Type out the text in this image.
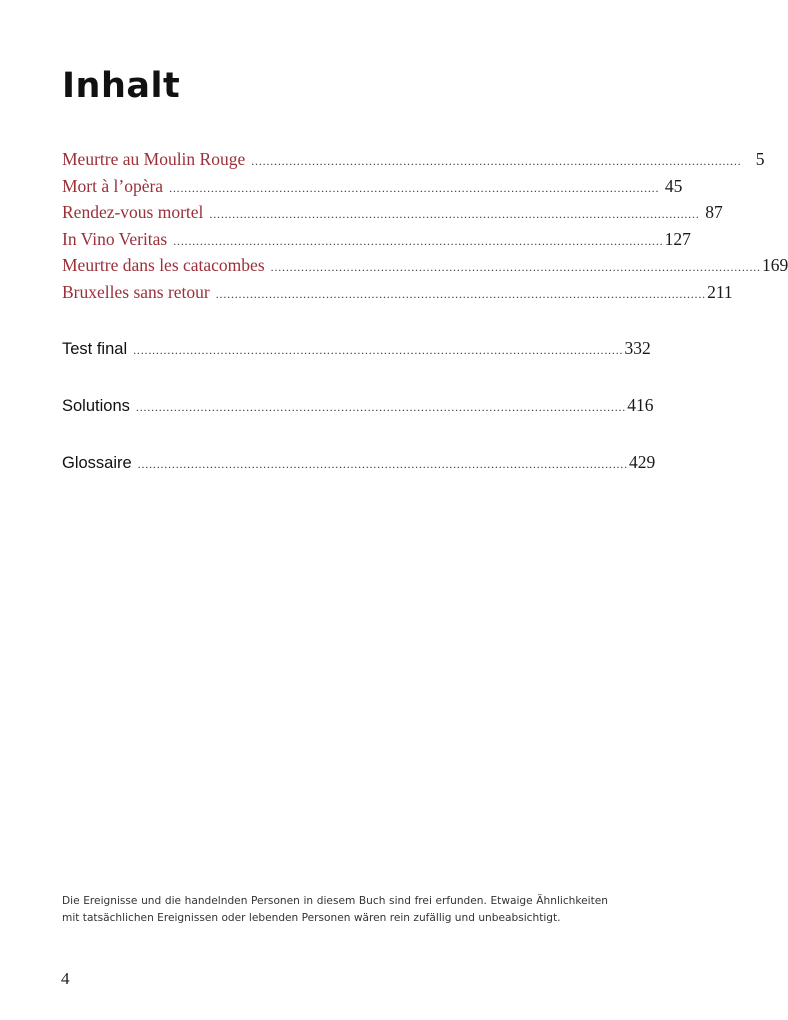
Inhalt
Meurtre au Moulin Rouge . . .	5
Mort à l’opèra . . .	45
Rendez-vous mortel . . .	87
In Vino Veritas . . .	127
Meurtre dans les catacombes . . .	169
Bruxelles sans retour . . .	211
Test final . . .	332
Solutions . . .	416
Glossaire . . .	429

Die Ereignisse und die handelnden Personen in diesem Buch sind frei erfunden. Etwaige Ähnlichkeiten mit tatsächlichen Ereignissen oder lebenden Personen wären rein zufällig und unbeabsichtigt.

4
